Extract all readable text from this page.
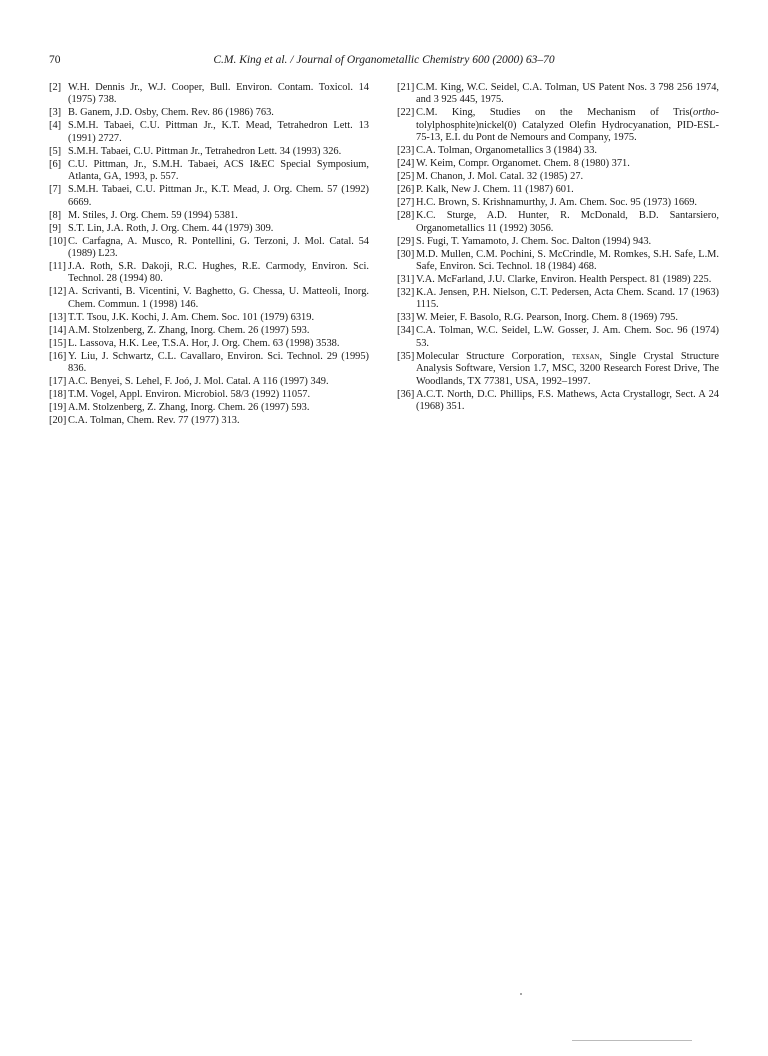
70	C.M. King et al. / Journal of Organometallic Chemistry 600 (2000) 63–70
[2] W.H. Dennis Jr., W.J. Cooper, Bull. Environ. Contam. Toxicol. 14 (1975) 738.
[3] B. Ganem, J.D. Osby, Chem. Rev. 86 (1986) 763.
[4] S.M.H. Tabaei, C.U. Pittman Jr., K.T. Mead, Tetrahedron Lett. 13 (1991) 2727.
[5] S.M.H. Tabaei, C.U. Pittman Jr., Tetrahedron Lett. 34 (1993) 326.
[6] C.U. Pittman, Jr., S.M.H. Tabaei, ACS I&EC Special Symposium, Atlanta, GA, 1993, p. 557.
[7] S.M.H. Tabaei, C.U. Pittman Jr., K.T. Mead, J. Org. Chem. 57 (1992) 6669.
[8] M. Stiles, J. Org. Chem. 59 (1994) 5381.
[9] S.T. Lin, J.A. Roth, J. Org. Chem. 44 (1979) 309.
[10] C. Carfagna, A. Musco, R. Pontellini, G. Terzoni, J. Mol. Catal. 54 (1989) L23.
[11] J.A. Roth, S.R. Dakoji, R.C. Hughes, R.E. Carmody, Environ. Sci. Technol. 28 (1994) 80.
[12] A. Scrivanti, B. Vicentini, V. Baghetto, G. Chessa, U. Matteoli, Inorg. Chem. Commun. 1 (1998) 146.
[13] T.T. Tsou, J.K. Kochi, J. Am. Chem. Soc. 101 (1979) 6319.
[14] A.M. Stolzenberg, Z. Zhang, Inorg. Chem. 26 (1997) 593.
[15] L. Lassova, H.K. Lee, T.S.A. Hor, J. Org. Chem. 63 (1998) 3538.
[16] Y. Liu, J. Schwartz, C.L. Cavallaro, Environ. Sci. Technol. 29 (1995) 836.
[17] A.C. Benyei, S. Lehel, F. Joó, J. Mol. Catal. A 116 (1997) 349.
[18] T.M. Vogel, Appl. Environ. Microbiol. 58/3 (1992) 11057.
[19] A.M. Stolzenberg, Z. Zhang, Inorg. Chem. 26 (1997) 593.
[20] C.A. Tolman, Chem. Rev. 77 (1977) 313.
[21] C.M. King, W.C. Seidel, C.A. Tolman, US Patent Nos. 3 798 256 1974, and 3 925 445, 1975.
[22] C.M. King, Studies on the Mechanism of Tris(ortho-tolylphosphite)nickel(0) Catalyzed Olefin Hydrocyanation, PID-ESL-75-13, E.I. du Pont de Nemours and Company, 1975.
[23] C.A. Tolman, Organometallics 3 (1984) 33.
[24] W. Keim, Compr. Organomet. Chem. 8 (1980) 371.
[25] M. Chanon, J. Mol. Catal. 32 (1985) 27.
[26] P. Kalk, New J. Chem. 11 (1987) 601.
[27] H.C. Brown, S. Krishnamurthy, J. Am. Chem. Soc. 95 (1973) 1669.
[28] K.C. Sturge, A.D. Hunter, R. McDonald, B.D. Santarsiero, Organometallics 11 (1992) 3056.
[29] S. Fugi, T. Yamamoto, J. Chem. Soc. Dalton (1994) 943.
[30] M.D. Mullen, C.M. Pochini, S. McCrindle, M. Romkes, S.H. Safe, L.M. Safe, Environ. Sci. Technol. 18 (1984) 468.
[31] V.A. McFarland, J.U. Clarke, Environ. Health Perspect. 81 (1989) 225.
[32] K.A. Jensen, P.H. Nielson, C.T. Pedersen, Acta Chem. Scand. 17 (1963) 1115.
[33] W. Meier, F. Basolo, R.G. Pearson, Inorg. Chem. 8 (1969) 795.
[34] C.A. Tolman, W.C. Seidel, L.W. Gosser, J. Am. Chem. Soc. 96 (1974) 53.
[35] Molecular Structure Corporation, texsan, Single Crystal Structure Analysis Software, Version 1.7, MSC, 3200 Research Forest Drive, The Woodlands, TX 77381, USA, 1992–1997.
[36] A.C.T. North, D.C. Phillips, F.S. Mathews, Acta Crystallogr, Sect. A 24 (1968) 351.
